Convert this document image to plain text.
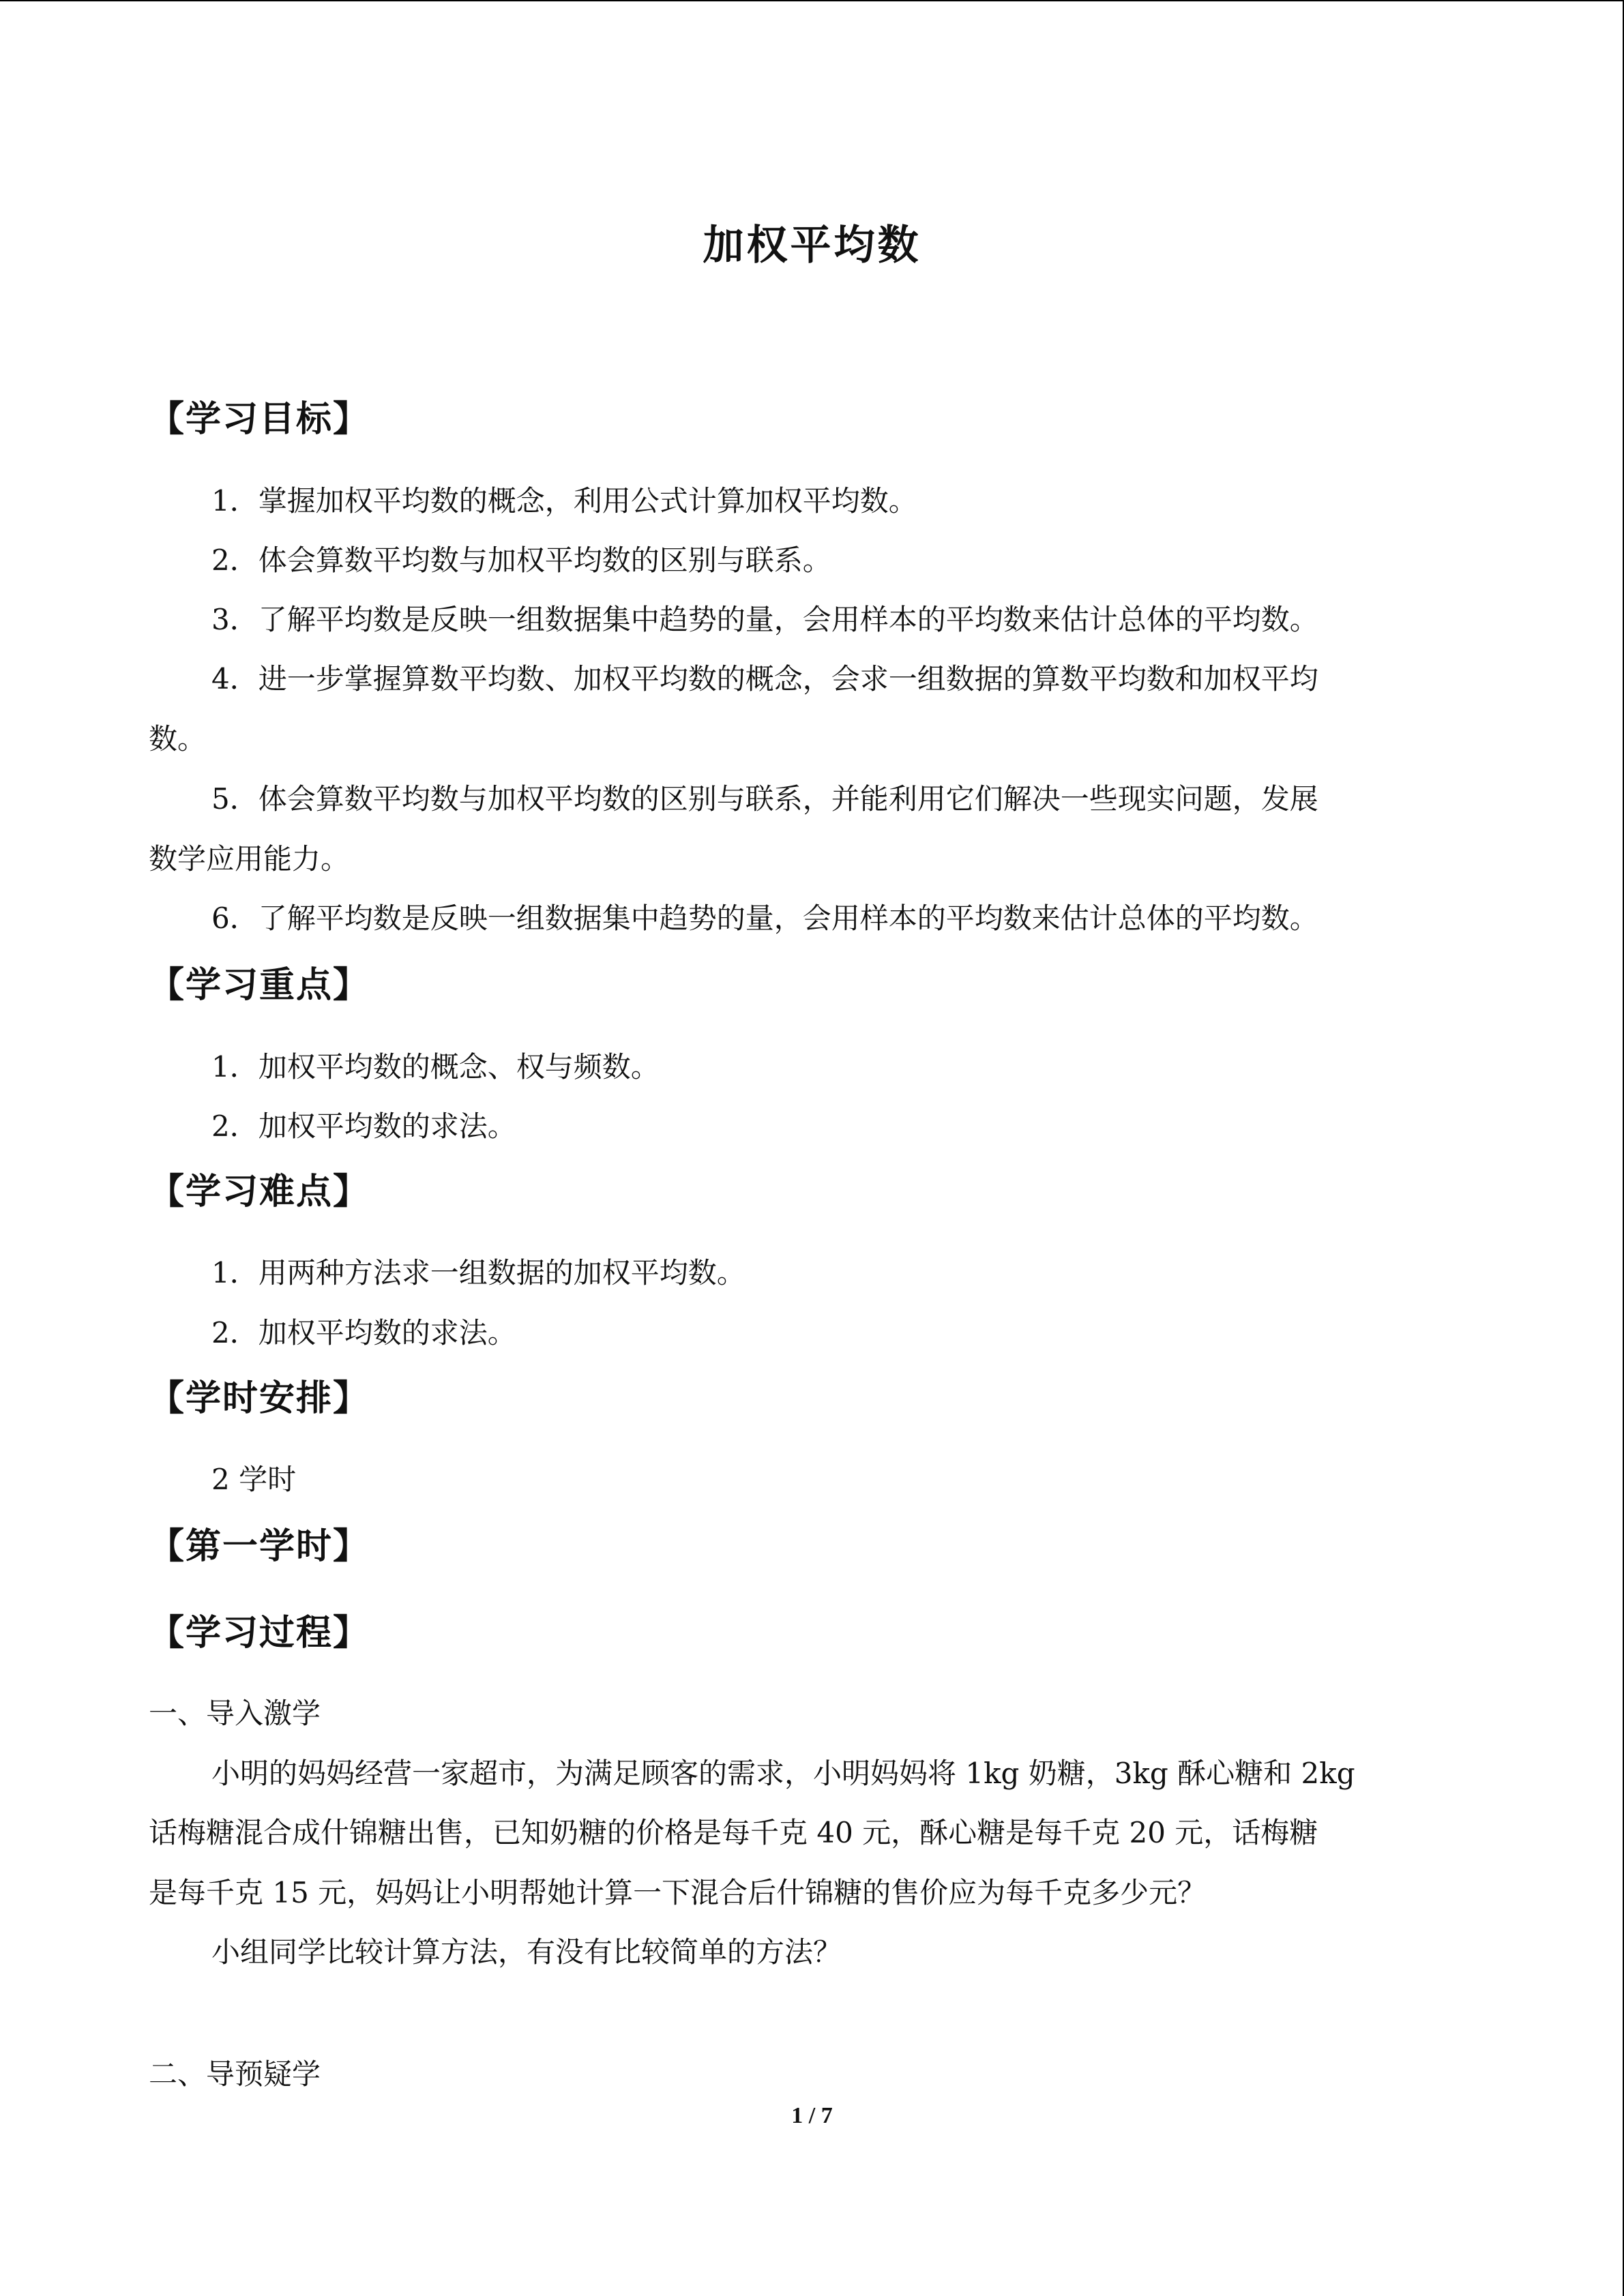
加权平均数
【学习目标】
1．掌握加权平均数的概念，利用公式计算加权平均数。
2．体会算数平均数与加权平均数的区别与联系。
3．了解平均数是反映一组数据集中趋势的量，会用样本的平均数来估计总体的平均数。
4．进一步掌握算数平均数、加权平均数的概念，会求一组数据的算数平均数和加权平均
数。
5．体会算数平均数与加权平均数的区别与联系，并能利用它们解决一些现实问题，发展
数学应用能力。
6．了解平均数是反映一组数据集中趋势的量，会用样本的平均数来估计总体的平均数。
【学习重点】
1．加权平均数的概念、权与频数。
2．加权平均数的求法。
【学习难点】
1．用两种方法求一组数据的加权平均数。
2．加权平均数的求法。
【学时安排】
2 学时
【第一学时】
【学习过程】
一、导入激学
小明的妈妈经营一家超市，为满足顾客的需求，小明妈妈将 1kg 奶糖，3kg 酥心糖和 2kg
话梅糖混合成什锦糖出售，已知奶糖的价格是每千克 40 元，酥心糖是每千克 20 元，话梅糖
是每千克 15 元，妈妈让小明帮她计算一下混合后什锦糖的售价应为每千克多少元？
小组同学比较计算方法，有没有比较简单的方法？
二、导预疑学
1 / 7
